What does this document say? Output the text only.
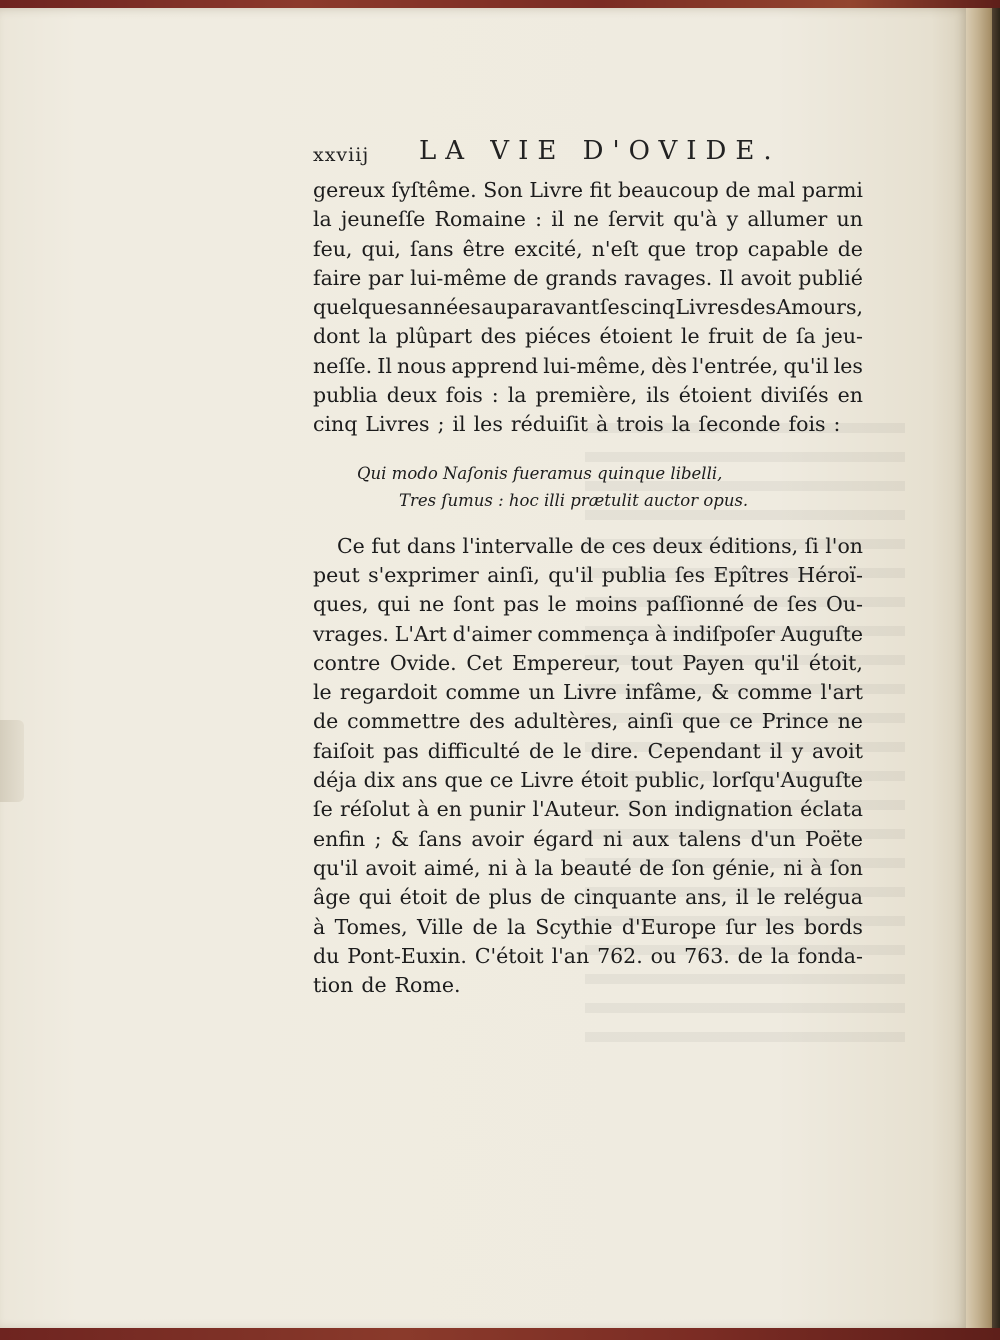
xxviij LA VIE D'OVIDE.
gereux ſyſtême. Son Livre fit beaucoup de mal parmi
la jeuneſſe Romaine : il ne ſervit qu'à y allumer un
feu, qui, ſans être excité, n'eſt que trop capable de
faire par lui-même de grands ravages. Il avoit publié
quelques années auparavant ſes cinq Livres des Amours,
dont la plûpart des piéces étoient le fruit de ſa jeu-
neſſe. Il nous apprend lui-même, dès l'entrée, qu'il les
publia deux fois : la première, ils étoient diviſés en
cinq Livres ; il les réduiſit à trois la ſeconde fois :
Qui modo Naſonis fueramus quinque libelli,
Tres ſumus : hoc illi prætulit auctor opus.
Ce fut dans l'intervalle de ces deux éditions, ſi l'on
peut s'exprimer ainſi, qu'il publia ſes Epîtres Héroï-
ques, qui ne ſont pas le moins paſſionné de ſes Ou-
vrages. L'Art d'aimer commença à indiſpoſer Auguſte
contre Ovide. Cet Empereur, tout Payen qu'il étoit,
le regardoit comme un Livre infâme, & comme l'art
de commettre des adultères, ainſi que ce Prince ne
faiſoit pas difficulté de le dire. Cependant il y avoit
déja dix ans que ce Livre étoit public, lorſqu'Auguſte
ſe réſolut à en punir l'Auteur. Son indignation éclata
enfin ; & ſans avoir égard ni aux talens d'un Poëte
qu'il avoit aimé, ni à la beauté de ſon génie, ni à ſon
âge qui étoit de plus de cinquante ans, il le relégua
à Tomes, Ville de la Scythie d'Europe ſur les bords
du Pont-Euxin. C'étoit l'an 762. ou 763. de la fonda-
tion de Rome.
